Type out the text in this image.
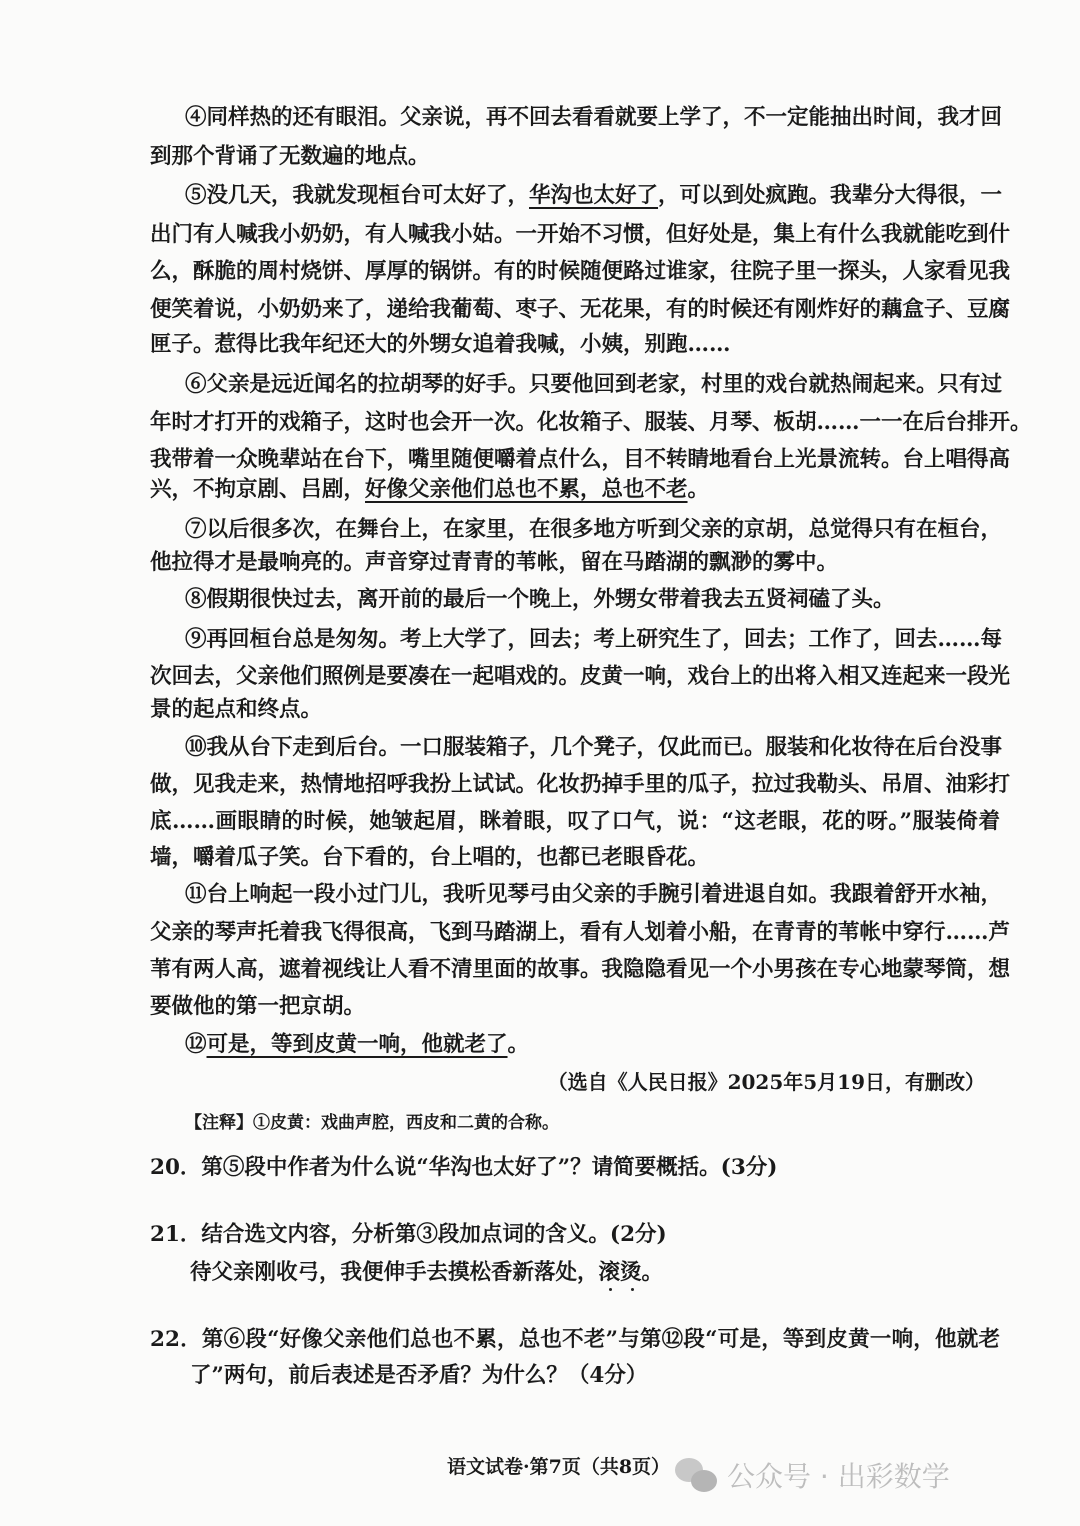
④同样热的还有眼泪。父亲说，再不回去看看就要上学了，不一定能抽出时间，我才回
到那个背诵了无数遍的地点。
⑤没几天，我就发现桓台可太好了，华沟也太好了，可以到处疯跑。我辈分大得很，一
出门有人喊我小奶奶，有人喊我小姑。一开始不习惯，但好处是，集上有什么我就能吃到什
么，酥脆的周村烧饼、厚厚的锅饼。有的时候随便路过谁家，往院子里一探头，人家看见我
便笑着说，小奶奶来了，递给我葡萄、枣子、无花果，有的时候还有刚炸好的藕盒子、豆腐
匣子。惹得比我年纪还大的外甥女追着我喊，小姨，别跑……
⑥父亲是远近闻名的拉胡琴的好手。只要他回到老家，村里的戏台就热闹起来。只有过
年时才打开的戏箱子，这时也会开一次。化妆箱子、服装、月琴、板胡……一一在后台排开。
我带着一众晚辈站在台下，嘴里随便嚼着点什么，目不转睛地看台上光景流转。台上唱得高
兴，不拘京剧、吕剧，好像父亲他们总也不累，总也不老。
⑦以后很多次，在舞台上，在家里，在很多地方听到父亲的京胡，总觉得只有在桓台，
他拉得才是最响亮的。声音穿过青青的苇帐，留在马踏湖的飘渺的雾中。
⑧假期很快过去，离开前的最后一个晚上，外甥女带着我去五贤祠磕了头。
⑨再回桓台总是匆匆。考上大学了，回去；考上研究生了，回去；工作了，回去……每
次回去，父亲他们照例是要凑在一起唱戏的。皮黄一响，戏台上的出将入相又连起来一段光
景的起点和终点。
⑩我从台下走到后台。一口服装箱子，几个凳子，仅此而已。服装和化妆待在后台没事
做，见我走来，热情地招呼我扮上试试。化妆扔掉手里的瓜子，拉过我勒头、吊眉、油彩打
底……画眼睛的时候，她皱起眉，眯着眼，叹了口气，说：“这老眼，花的呀。”服装倚着
墙，嚼着瓜子笑。台下看的，台上唱的，也都已老眼昏花。
⑪台上响起一段小过门儿，我听见琴弓由父亲的手腕引着进退自如。我跟着舒开水袖，
父亲的琴声托着我飞得很高，飞到马踏湖上，看有人划着小船，在青青的苇帐中穿行……芦
苇有两人高，遮着视线让人看不清里面的故事。我隐隐看见一个小男孩在专心地蒙琴筒，想
要做他的第一把京胡。
⑫可是，等到皮黄一响，他就老了。
（选自《人民日报》2025年5月19日，有删改）
【注释】①皮黄：戏曲声腔，西皮和二黄的合称。
20．第⑤段中作者为什么说“华沟也太好了”？请简要概括。(3分)
21．结合选文内容，分析第③段加点词的含义。(2分)
待父亲刚收弓，我便伸手去摸松香新落处，滚烫。
22．第⑥段“好像父亲他们总也不累，总也不老”与第⑫段“可是，等到皮黄一响，他就老
了”两句，前后表述是否矛盾？为什么？（4分）
语文试卷·第7页（共8页） 公众号 · 出彩数学
